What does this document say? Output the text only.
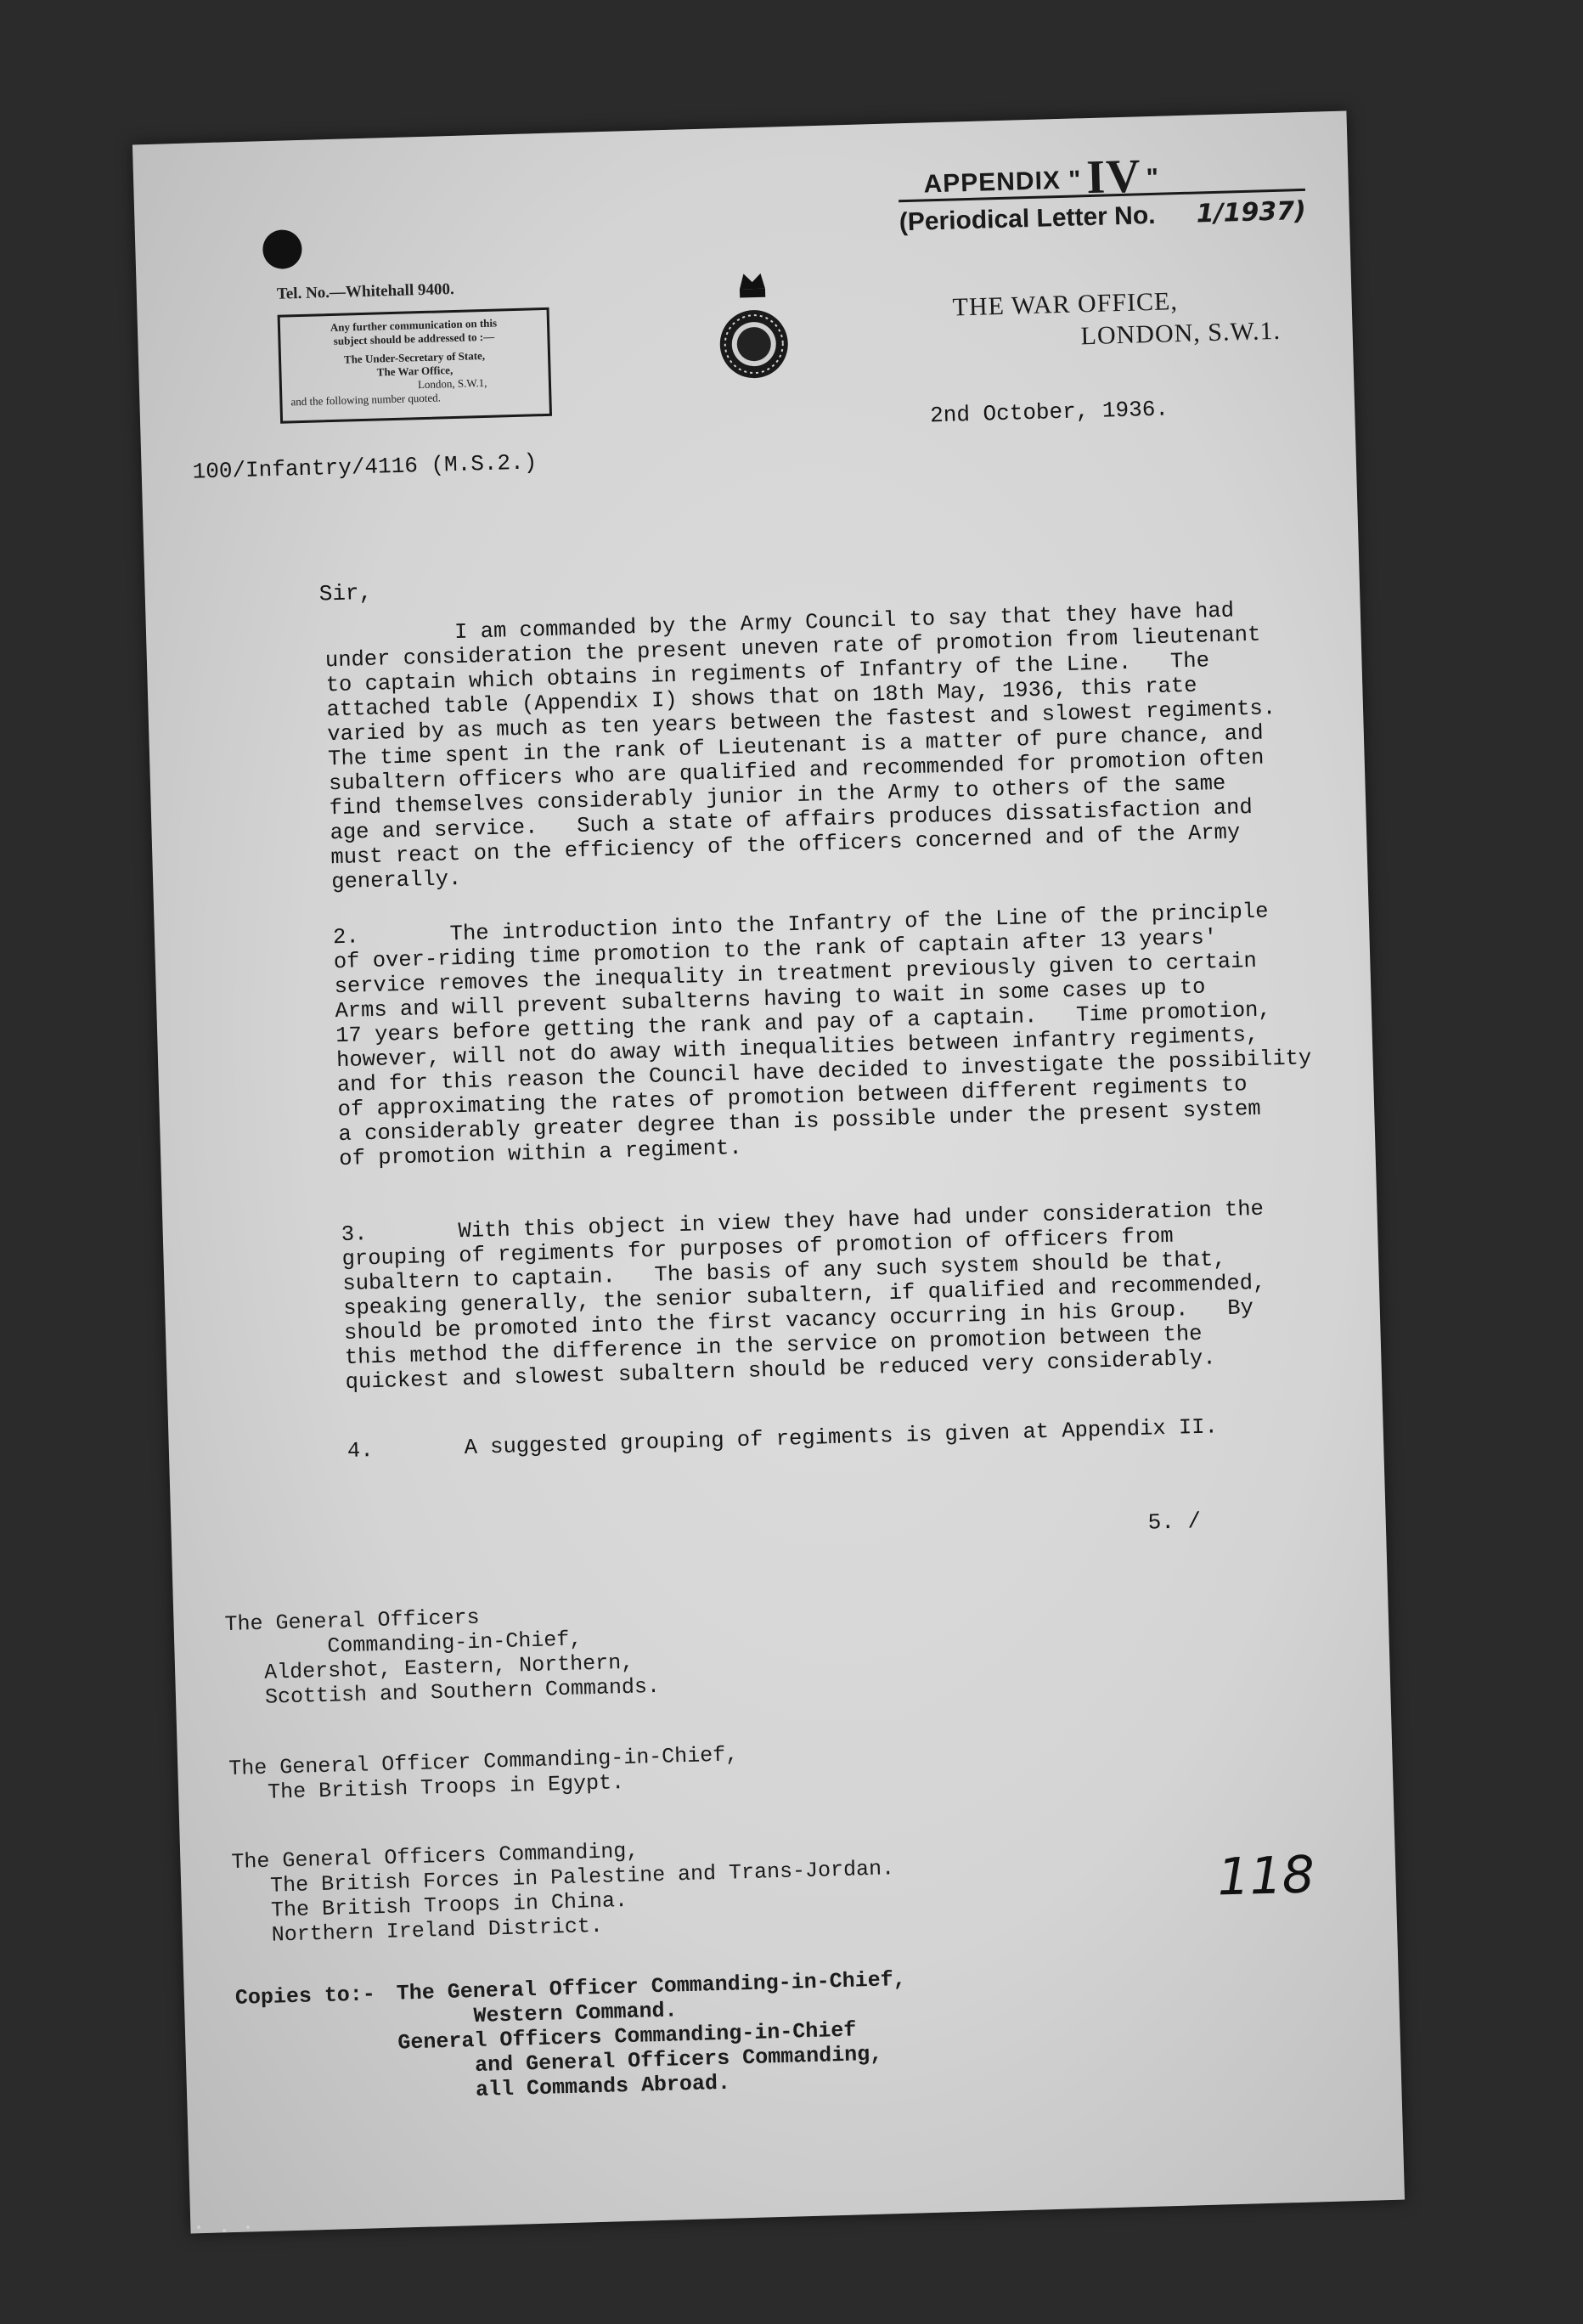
APPENDIX "IV "
(Periodical Letter No. 1/1937)
Tel. No.—Whitehall 9400.
Any further communication on this
subject should be addressed to :—
The Under-Secretary of State,
The War Office,
London, S.W.1,
and the following number quoted.
THE WAR OFFICE,
LONDON, S.W.1.
2nd October, 1936.
100/Infantry/4116 (M.S.2.)
Sir,
I am commanded by the Army Council to say that they have had
under consideration the present uneven rate of promotion from lieutenant
to captain which obtains in regiments of Infantry of the Line.   The
attached table (Appendix I) shows that on 18th May, 1936, this rate
varied by as much as ten years between the fastest and slowest regiments.
The time spent in the rank of Lieutenant is a matter of pure chance, and
subaltern officers who are qualified and recommended for promotion often
find themselves considerably junior in the Army to others of the same
age and service.   Such a state of affairs produces dissatisfaction and
must react on the efficiency of the officers concerned and of the Army
generally.
2.       The introduction into the Infantry of the Line of the principle
of over-riding time promotion to the rank of captain after 13 years'
service removes the inequality in treatment previously given to certain
Arms and will prevent subalterns having to wait in some cases up to
17 years before getting the rank and pay of a captain.   Time promotion,
however, will not do away with inequalities between infantry regiments,
and for this reason the Council have decided to investigate the possibility
of approximating the rates of promotion between different regiments to
a considerably greater degree than is possible under the present system
of promotion within a regiment.
3.       With this object in view they have had under consideration the
grouping of regiments for purposes of promotion of officers from
subaltern to captain.   The basis of any such system should be that,
speaking generally, the senior subaltern, if qualified and recommended,
should be promoted into the first vacancy occurring in his Group.   By
this method the difference in the service on promotion between the
quickest and slowest subaltern should be reduced very considerably.
4.       A suggested grouping of regiments is given at Appendix II.
5. /
The General Officers
Commanding-in-Chief,
Aldershot, Eastern, Northern,
Scottish and Southern Commands.
The General Officer Commanding-in-Chief,
The British Troops in Egypt.
The General Officers Commanding,
The British Forces in Palestine and Trans-Jordan.
The British Troops in China.
Northern Ireland District.
Copies to:- The General Officer Commanding-in-Chief,
Western Command.
General Officers Commanding-in-Chief
and General Officers Commanding,
all Commands Abroad.
118
